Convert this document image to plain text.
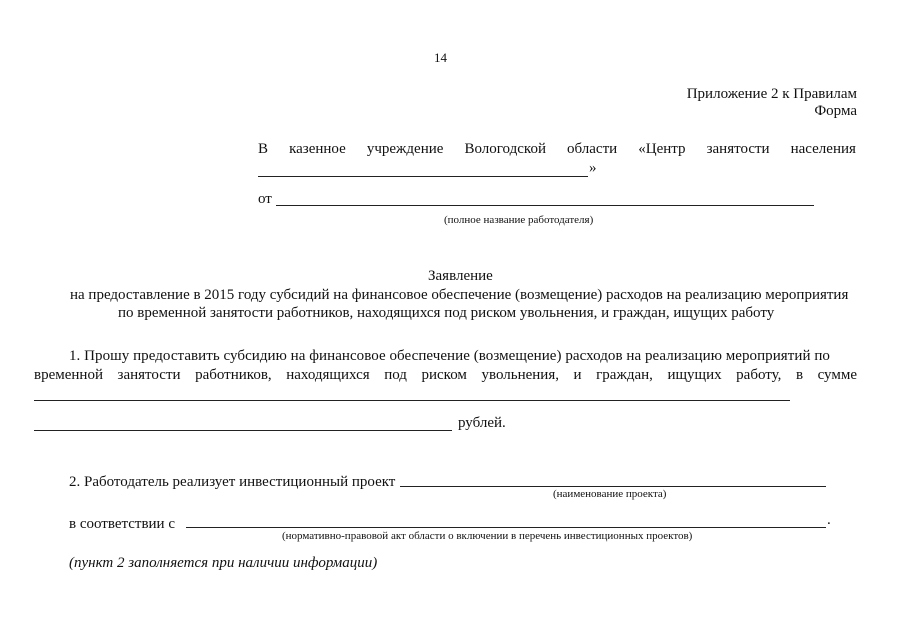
14
Приложение 2 к Правилам
Форма
В казенное учреждение Вологодской области «Центр занятости населения
»
от
(полное название работодателя)
Заявление
на предоставление в 2015 году субсидий на финансовое обеспечение (возмещение) расходов на реализацию мероприятия
по временной занятости работников, находящихся под риском увольнения, и граждан, ищущих работу
1. Прошу предоставить субсидию на финансовое обеспечение (возмещение) расходов на реализацию мероприятий по
временной занятости работников, находящихся под риском увольнения, и граждан, ищущих работу, в сумме
рублей.
2. Работодатель реализует инвестиционный проект
(наименование проекта)
в соответствии с	.
(нормативно-правовой акт области о включении в перечень инвестиционных проектов)
(пункт 2 заполняется при наличии информации)
